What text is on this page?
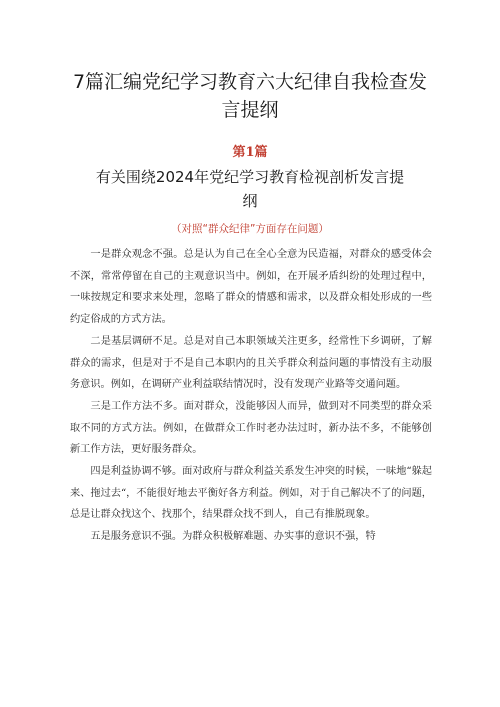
7篇汇编党纪学习教育六大纪律自我检查发
言提纲
第1篇
有关围绕2024年党纪学习教育检视剖析发言提
纲
（对照“群众纪律”方面存在问题）

一是群众观念不强。总是认为自己在全心全意为民造福，对群众的感受体会不深，常常停留在自己的主观意识当中。例如，在开展矛盾纠纷的处理过程中，一味按规定和要求来处理，忽略了群众的情感和需求，以及群众相处形成的一些约定俗成的方式方法。

二是基层调研不足。总是对自己本职领域关注更多，经常性下乡调研，了解群众的需求，但是对于不是自己本职内的且关乎群众利益问题的事情没有主动服务意识。例如，在调研产业利益联结情况时，没有发现产业路等交通问题。

三是工作方法不多。面对群众，没能够因人而异，做到对不同类型的群众采取不同的方式方法。例如，在做群众工作时老办法过时，新办法不多，不能够创新工作方法，更好服务群众。

四是利益协调不够。面对政府与群众利益关系发生冲突的时候，一味地“躲起来、拖过去“，不能很好地去平衡好各方利益。例如，对于自己解决不了的问题，总是让群众找这个、找那个，结果群众找不到人，自己有推脱现象。

五是服务意识不强。为群众积极解难题、办实事的意识不强，特
